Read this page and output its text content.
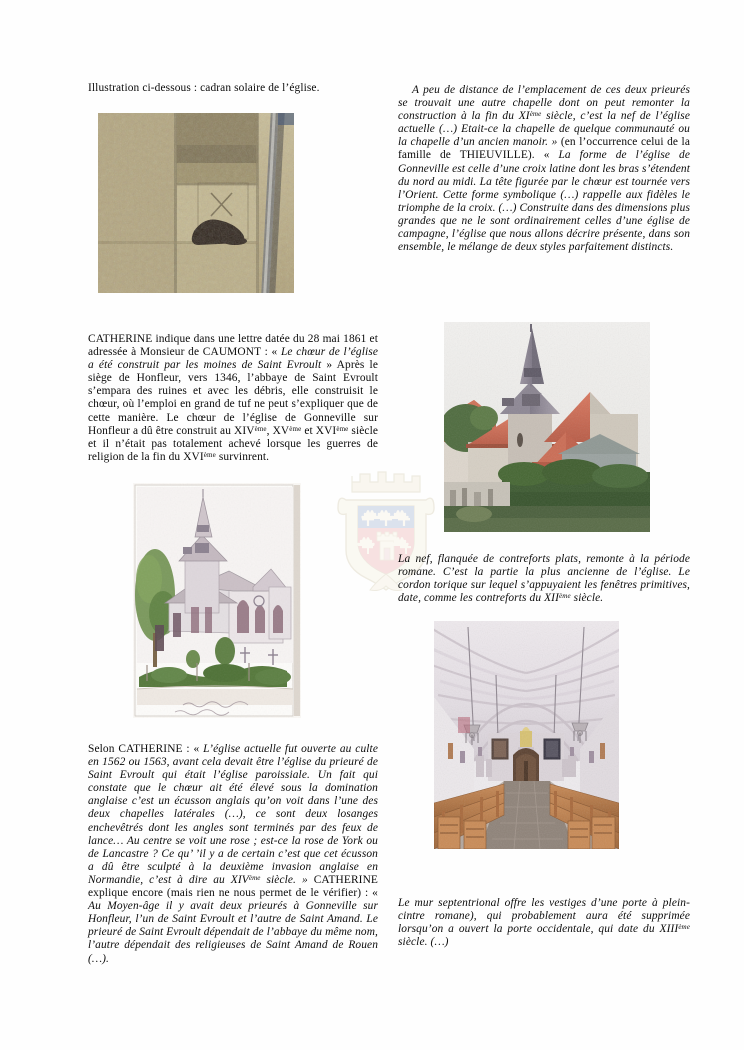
Illustration ci-dessous : cadran solaire de l’église.	A peu de distance de l’emplacement de ces deux prieurés se trouvait une autre chapelle dont on peut remonter la construction à la fin du XIème siècle, c’est la nef de l’église actuelle (…) Etait-ce la chapelle de quelque communauté ou la chapelle d’un ancien manoir. » (en l’occurrence celui de la famille de THIEUVILLE). « La forme de l’église de Gonneville est celle d’une croix latine dont les bras s’étendent du nord au midi. La tête figurée par le chœur est tournée vers l’Orient. Cette forme symbolique (…) rappelle aux fidèles le triomphe de la croix. (…) Construite dans des dimensions plus grandes que ne le sont ordinairement celles d’une église de campagne, l’église que nous allons décrire présente, dans son ensemble, le mélange de deux styles parfaitement distincts.
CATHERINE indique dans une lettre datée du 28 mai 1861 et adressée à Monsieur de CAUMONT : « Le chœur de l’église a été construit par les moines de Saint Evroult » Après le siège de Honfleur, vers 1346, l’abbaye de Saint Evroult s’empara des ruines et avec les débris, elle construisit le chœur, où l’emploi en grand de tuf ne peut s’expliquer que de cette manière. Le chœur de l’église de Gonneville sur Honfleur a dû être construit au XIVème, XVème et XVIème siècle et il n’était pas totalement achevé lorsque les guerres de religion de la fin du XVIème survinrent.
La nef, flanquée de contreforts plats, remonte à la période romane. C’est la partie la plus ancienne de l’église. Le cordon torique sur lequel s’appuyaient les fenêtres primitives, date, comme les contreforts du XIIème siècle.
Selon CATHERINE : « L’église actuelle fut ouverte au culte en 1562 ou 1563, avant cela devait être l’église du prieuré de Saint Evroult qui était l’église paroissiale. Un fait qui constate que le chœur ait été élevé sous la domination anglaise c’est un écusson anglais qu’on voit dans l’une des deux chapelles latérales (…), ce sont deux losanges enchevêtrés dont les angles sont terminés par des feux de lance… Au centre se voit une rose ; est-ce la rose de York ou de Lancastre ? Ce qu’ ’il y a de certain c’est que cet écusson a dû être sculpté à la deuxième invasion anglaise en Normandie, c’est à dire au XIVème siècle. » CATHERINE explique encore (mais rien ne nous permet de le vérifier) : « Au Moyen-âge il y avait deux prieurés à Gonneville sur Honfleur, l’un de Saint Evroult et l’autre de Saint Amand. Le prieuré de Saint Evroult dépendait de l’abbaye du même nom, l’autre dépendait des religieuses de Saint Amand de Rouen (…).
Le mur septentrional offre les vestiges d’une porte à plein-cintre romane), qui probablement aura été supprimée lorsqu’on a ouvert la porte occidentale, qui date du XIIIème siècle. (…)
